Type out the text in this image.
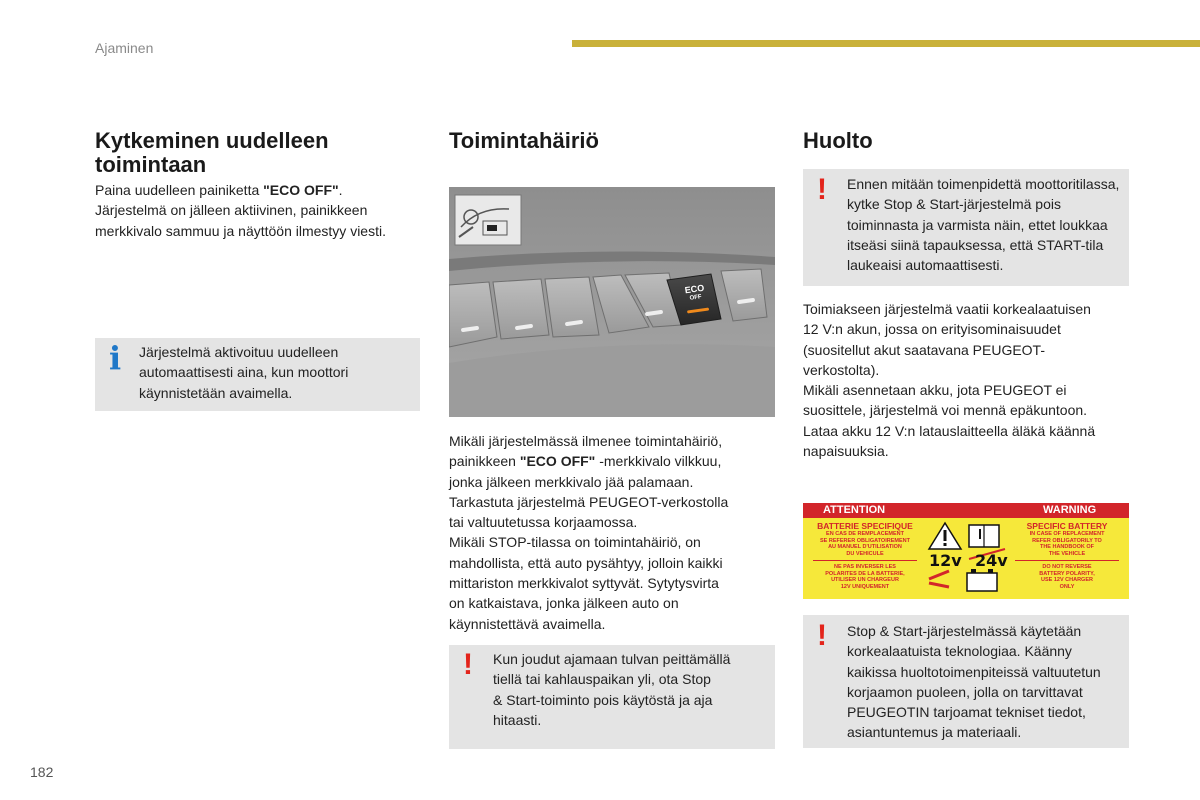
Ajaminen
Kytkeminen uudelleen
toimintaan

Paina uudelleen painiketta "ECO OFF".

Järjestelmä on jälleen aktiivinen, painikkeen

merkkivalo sammuu ja näyttöön ilmestyy viesti.

i Järjestelmä aktivoituu uudelleen
automaattisesti aina, kun moottori
käynnistetään avaimella.
Toimintahäiriö
ECO
OFF

Mikäli järjestelmässä ilmenee toimintahäiriö,

painikkeen "ECO OFF" -merkkivalo vilkkuu,

jonka jälkeen merkkivalo jää palamaan.

Tarkastuta järjestelmä PEUGEOT-verkostolla

tai valtuutetussa korjaamossa.

Mikäli STOP-tilassa on toimintahäiriö, on

mahdollista, että auto pysähtyy, jolloin kaikki

mittariston merkkivalot syttyvät. Sytytysvirta

on katkaistava, jonka jälkeen auto on

käynnistettävä avaimella.

! Kun joudut ajamaan tulvan peittämällä
tiellä tai kahlauspaikan yli, ota Stop
& Start-toiminto pois käytöstä ja aja
hitaasti.
Huolto
! Ennen mitään toimenpidettä moottoritilassa,
kytke Stop & Start-järjestelmä pois
toiminnasta ja varmista näin, ettet loukkaa
itseäsi siinä tapauksessa, että START-tila
laukeaisi automaattisesti.

Toimiakseen järjestelmä vaatii korkealaatuisen

12 V:n akun, jossa on erityisominaisuudet

(suositellut akut saatavana PEUGEOT-

verkostolta).

Mikäli asennetaan akku, jota PEUGEOT ei

suosittele, järjestelmä voi mennä epäkuntoon.

Lataa akku 12 V:n latauslaitteella äläkä käännä

napaisuuksia.

ATTENTION	WARNING
BATTERIE SPECIFIQUE
EN CAS DE REMPLACEMENT
SE REFERER OBLIGATOIREMENT
AU MANUEL D'UTILISATION
DU VEHICULE
NE PAS INVERSER LES
POLARITES DE LA BATTERIE,
UTILISER UN CHARGEUR
12V UNIQUEMENT
SPECIFIC BATTERY
IN CASE OF REPLACEMENT
REFER OBLIGATORILY TO
THE HANDBOOK OF
THE VEHICLE
DO NOT REVERSE
BATTERY POLARITY,
USE 12V CHARGER
ONLY
12v 24v
! Stop & Start-järjestelmässä käytetään
korkealaatuista teknologiaa. Käänny
kaikissa huoltotoimenpiteissä valtuutetun
korjaamon puoleen, jolla on tarvittavat
PEUGEOTIN tarjoamat tekniset tiedot,
asiantuntemus ja materiaali.
182
